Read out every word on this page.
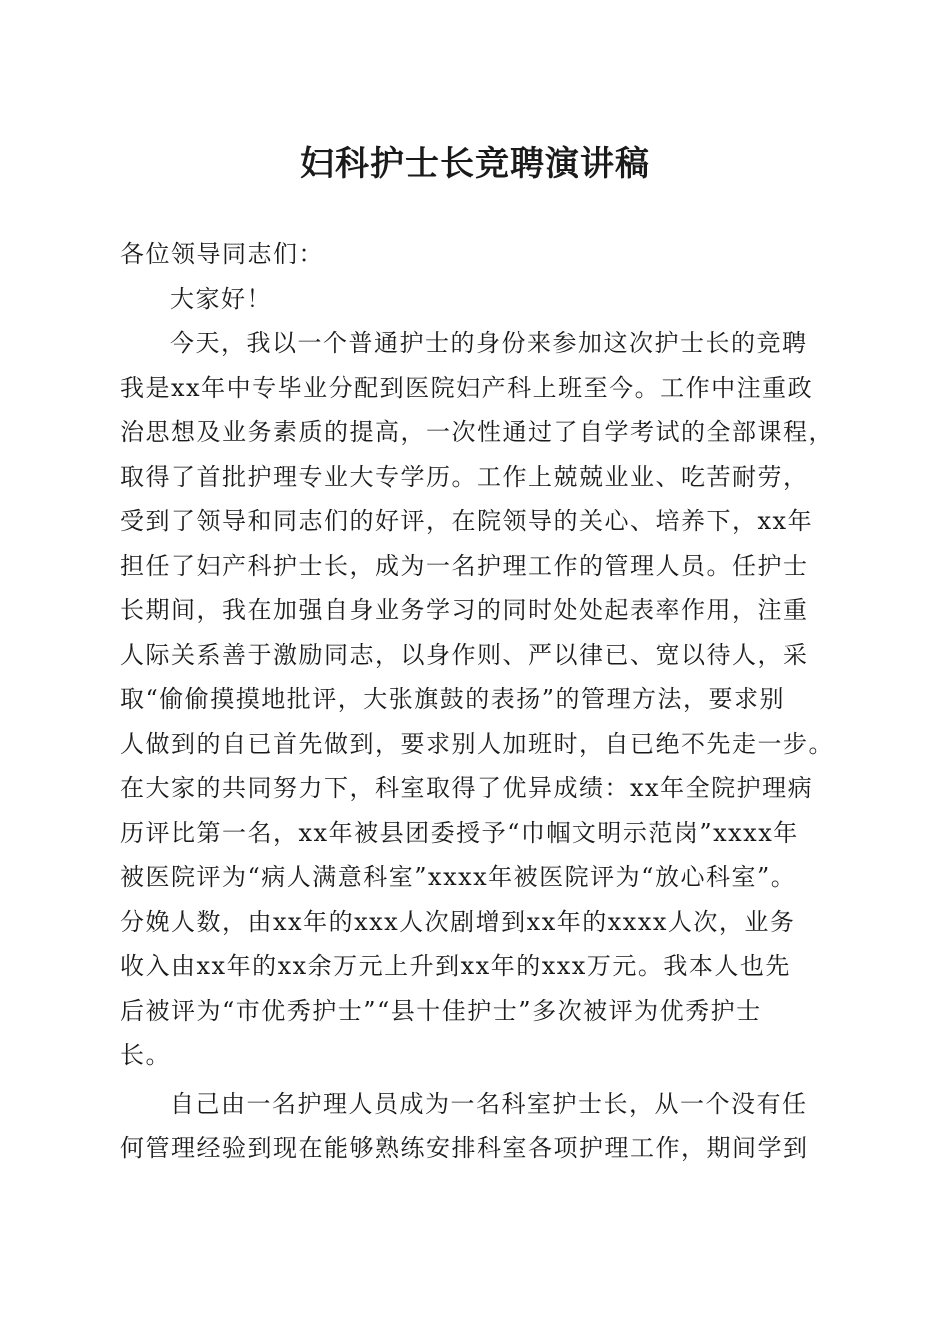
妇科护士长竞聘演讲稿

各位领导同志们：

大家好！

今天，我以一个普通护士的身份来参加这次护士长的竞聘
我是xx年中专毕业分配到医院妇产科上班至今。工作中注重政
治思想及业务素质的提高，一次性通过了自学考试的全部课程，
取得了首批护理专业大专学历。工作上兢兢业业、吃苦耐劳，
受到了领导和同志们的好评，在院领导的关心、培养下，xx年
担任了妇产科护士长，成为一名护理工作的管理人员。任护士
长期间，我在加强自身业务学习的同时处处起表率作用，注重
人际关系善于激励同志，以身作则、严以律已、宽以待人，采
取“偷偷摸摸地批评，大张旗鼓的表扬”的管理方法，要求别
人做到的自已首先做到，要求别人加班时，自已绝不先走一步。
在大家的共同努力下，科室取得了优异成绩：xx年全院护理病
历评比第一名，xx年被县团委授予“巾帼文明示范岗”xxxx年
被医院评为“病人满意科室”xxxx年被医院评为“放心科室”。
分娩人数，由xx年的xxx人次剧增到xx年的xxxx人次，业务
收入由xx年的xx余万元上升到xx年的xxx万元。我本人也先
后被评为“市优秀护士”“县十佳护士”多次被评为优秀护士
长。

自己由一名护理人员成为一名科室护士长，从一个没有任
何管理经验到现在能够熟练安排科室各项护理工作，期间学到
